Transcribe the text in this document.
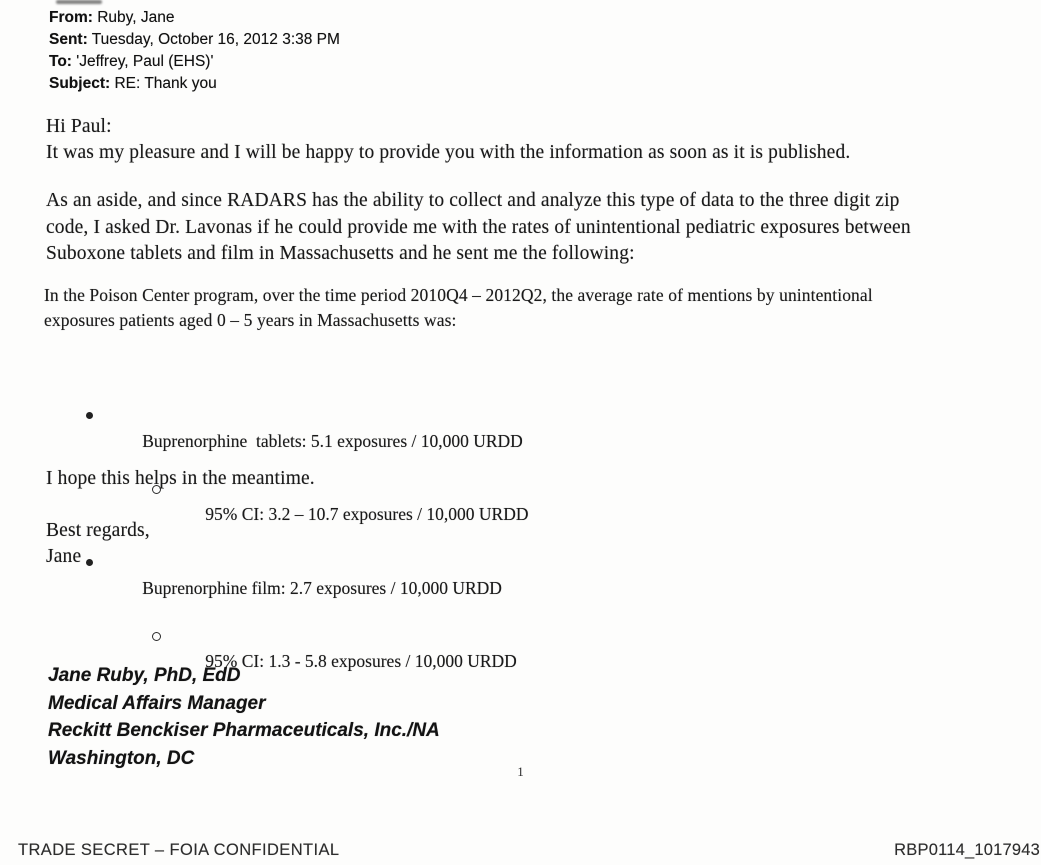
From: Ruby, Jane
Sent: Tuesday, October 16, 2012 3:38 PM
To: 'Jeffrey, Paul (EHS)'
Subject: RE: Thank you
Hi Paul:
It was my pleasure and I will be happy to provide you with the information as soon as it is published.
As an aside, and since RADARS has the ability to collect and analyze this type of data to the three digit zip
code, I asked Dr. Lavonas if he could provide me with the rates of unintentional pediatric exposures between
Suboxone tablets and film in Massachusetts and he sent me the following:
In the Poison Center program, over the time period 2010Q4 – 2012Q2, the average rate of mentions by unintentional
exposures patients aged 0 – 5 years in Massachusetts was:

Buprenorphine  tablets: 5.1 exposures / 10,000 URDD

95% CI: 3.2 – 10.7 exposures / 10,000 URDD

Buprenorphine film: 2.7 exposures / 10,000 URDD

95% CI: 1.3 - 5.8 exposures / 10,000 URDD

I hope this helps in the meantime.
Best regards,
Jane
Jane Ruby, PhD, EdD
Medical Affairs Manager
Reckitt Benckiser Pharmaceuticals, Inc./NA
Washington, DC
1
TRADE SECRET – FOIA CONFIDENTIAL	RBP0114_1017943
